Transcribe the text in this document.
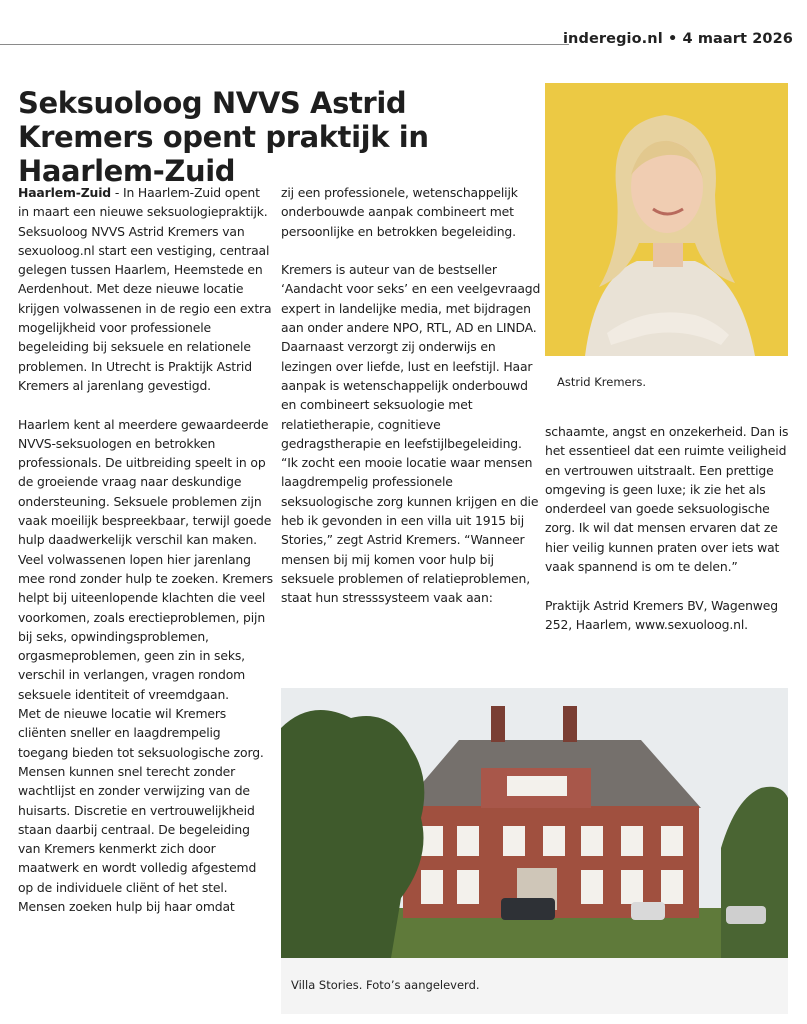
inderegio.nl • 4 maart 2026
Seksuoloog NVVS Astrid Kremers opent praktijk in Haarlem-Zuid

Haarlem-Zuid - In Haarlem-Zuid opent in maart een nieuwe seksuologiepraktijk. Seksuoloog NVVS Astrid Kremers van sexuoloog.nl start een vestiging, centraal gelegen tussen Haarlem, Heemstede en Aerdenhout. Met deze nieuwe locatie krijgen volwassenen in de regio een extra mogelijkheid voor professionele begeleiding bij seksuele en relationele problemen. In Utrecht is Praktijk Astrid Kremers al jarenlang gevestigd.

Haarlem kent al meerdere gewaardeerde NVVS-seksuologen en betrokken professionals. De uitbreiding speelt in op de groeiende vraag naar deskundige ondersteuning. Seksuele problemen zijn vaak moeilijk bespreekbaar, terwijl goede hulp daadwerkelijk verschil kan maken. Veel volwassenen lopen hier jarenlang mee rond zonder hulp te zoeken. Kremers helpt bij uiteenlopende klachten die veel voorkomen, zoals erectieproblemen, pijn bij seks, opwindingsproblemen, orgasmeproblemen, geen zin in seks, verschil in verlangen, vragen rondom seksuele identiteit of vreemdgaan.

Met de nieuwe locatie wil Kremers cliënten sneller en laagdrempelig toegang bieden tot seksuologische zorg. Mensen kunnen snel terecht zonder wachtlijst en zonder verwijzing van de huisarts. Discretie en vertrouwelijkheid staan daarbij centraal. De begeleiding van Kremers kenmerkt zich door maatwerk en wordt volledig afgestemd op de individuele cliënt of het stel. Mensen zoeken hulp bij haar omdat

zij een professionele, wetenschappelijk onderbouwde aanpak combineert met persoonlijke en betrokken begeleiding.

Kremers is auteur van de bestseller ‘Aandacht voor seks’ en een veelgevraagd expert in landelijke media, met bijdragen aan onder andere NPO, RTL, AD en LINDA. Daarnaast verzorgt zij onderwijs en lezingen over liefde, lust en leefstijl. Haar aanpak is wetenschappelijk onderbouwd en combineert seksuologie met relatietherapie, cognitieve gedragstherapie en leefstijlbegeleiding.

“Ik zocht een mooie locatie waar mensen laagdrempelig professionele seksuologische zorg kunnen krijgen en die heb ik gevonden in een villa uit 1915 bij Stories,” zegt Astrid Kremers. “Wanneer mensen bij mij komen voor hulp bij seksuele problemen of relatieproblemen, staat hun stresssysteem vaak aan:

schaamte, angst en onzekerheid. Dan is het essentieel dat een ruimte veiligheid en vertrouwen uitstraalt. Een prettige omgeving is geen luxe; ik zie het als onderdeel van goede seksuologische zorg. Ik wil dat mensen ervaren dat ze hier veilig kunnen praten over iets wat vaak spannend is om te delen.”

Praktijk Astrid Kremers BV, Wagenweg 252, Haarlem, www.sexuoloog.nl.

Astrid Kremers.
Villa Stories. Foto’s aangeleverd.
